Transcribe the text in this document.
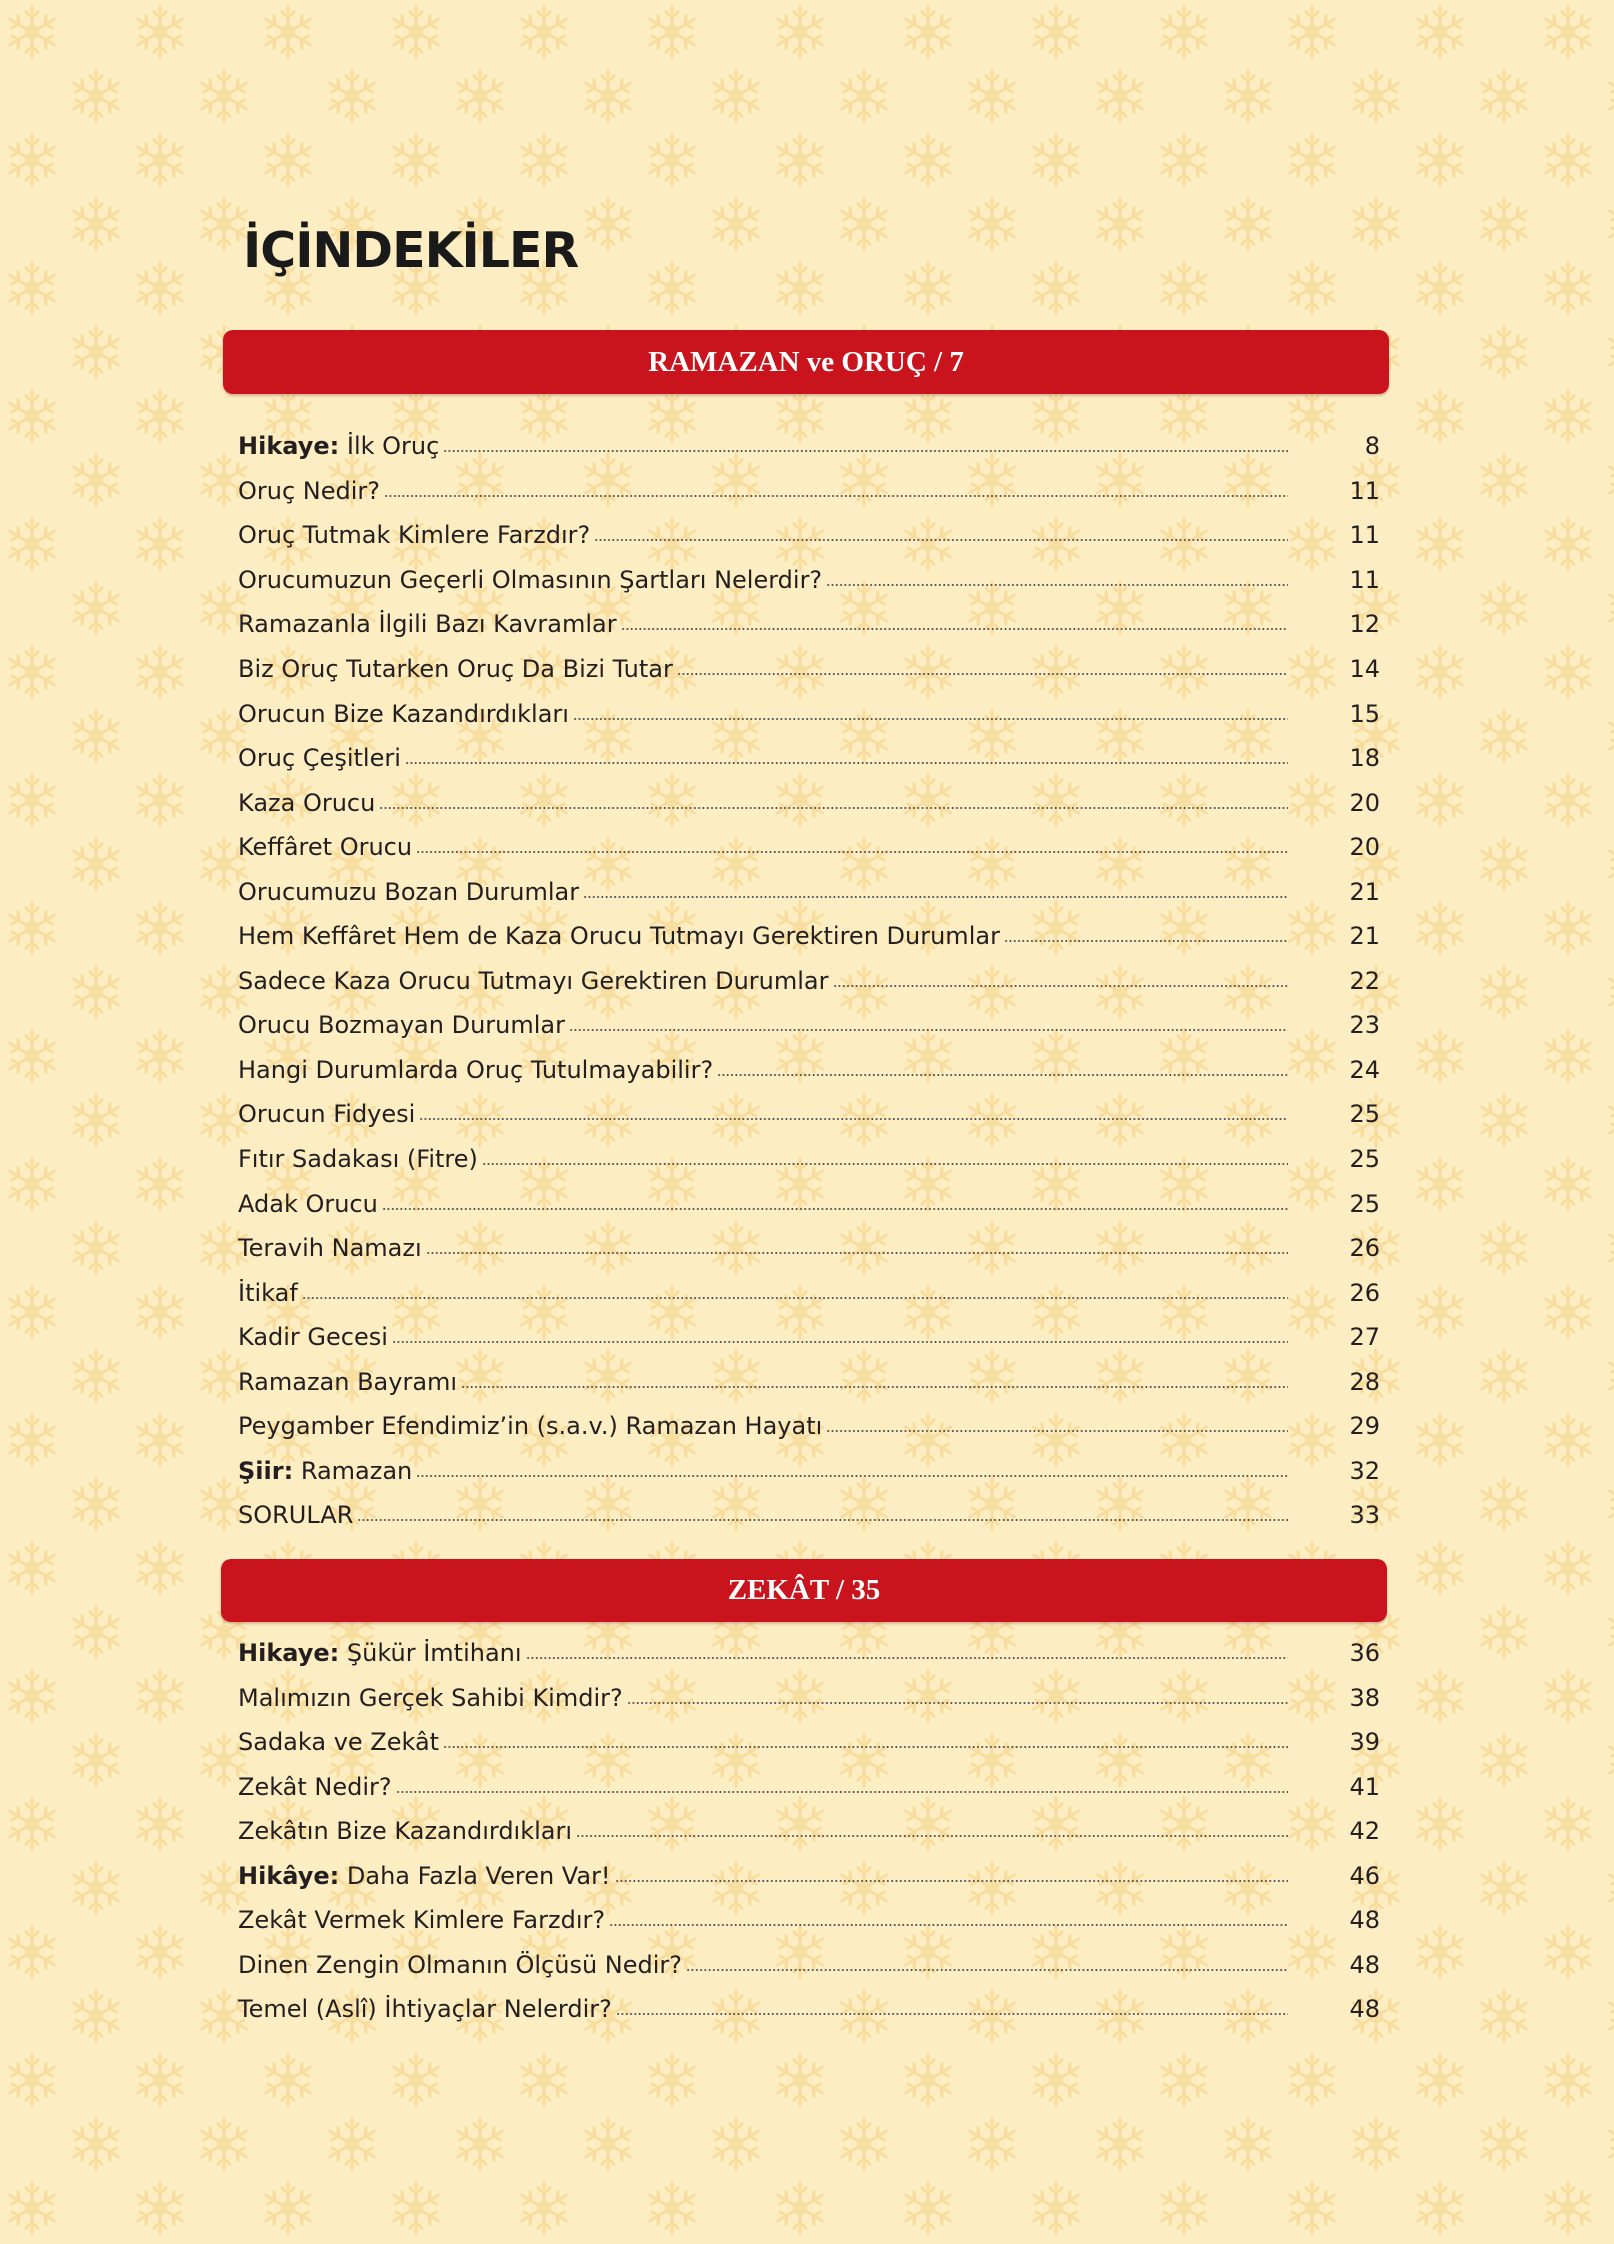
İÇİNDEKİLER
RAMAZAN ve ORUÇ / 7
Hikaye: İlk Oruç	8
Oruç Nedir?	11
Oruç Tutmak Kimlere Farzdır?	11
Orucumuzun Geçerli Olmasının Şartları Nelerdir?	11
Ramazanla İlgili Bazı Kavramlar	12
Biz Oruç Tutarken Oruç Da Bizi Tutar	14
Orucun Bize Kazandırdıkları	15
Oruç Çeşitleri	18
Kaza Orucu	20
Keffâret Orucu	20
Orucumuzu Bozan Durumlar	21
Hem Keffâret Hem de Kaza Orucu Tutmayı Gerektiren Durumlar	21
Sadece Kaza Orucu Tutmayı Gerektiren Durumlar	22
Orucu Bozmayan Durumlar	23
Hangi Durumlarda Oruç Tutulmayabilir?	24
Orucun Fidyesi	25
Fıtır Sadakası (Fitre)	25
Adak Orucu	25
Teravih Namazı	26
İtikaf	26
Kadir Gecesi	27
Ramazan Bayramı	28
Peygamber Efendimiz’in (s.a.v.) Ramazan Hayatı	29
Şiir: Ramazan	32
SORULAR	33
ZEKÂT / 35
Hikaye: Şükür İmtihanı	36
Malımızın Gerçek Sahibi Kimdir?	38
Sadaka ve Zekât	39
Zekât Nedir?	41
Zekâtın Bize Kazandırdıkları	42
Hikâye: Daha Fazla Veren Var!	46
Zekât Vermek Kimlere Farzdır?	48
Dinen Zengin Olmanın Ölçüsü Nedir?	48
Temel (Aslî) İhtiyaçlar Nelerdir?	48
